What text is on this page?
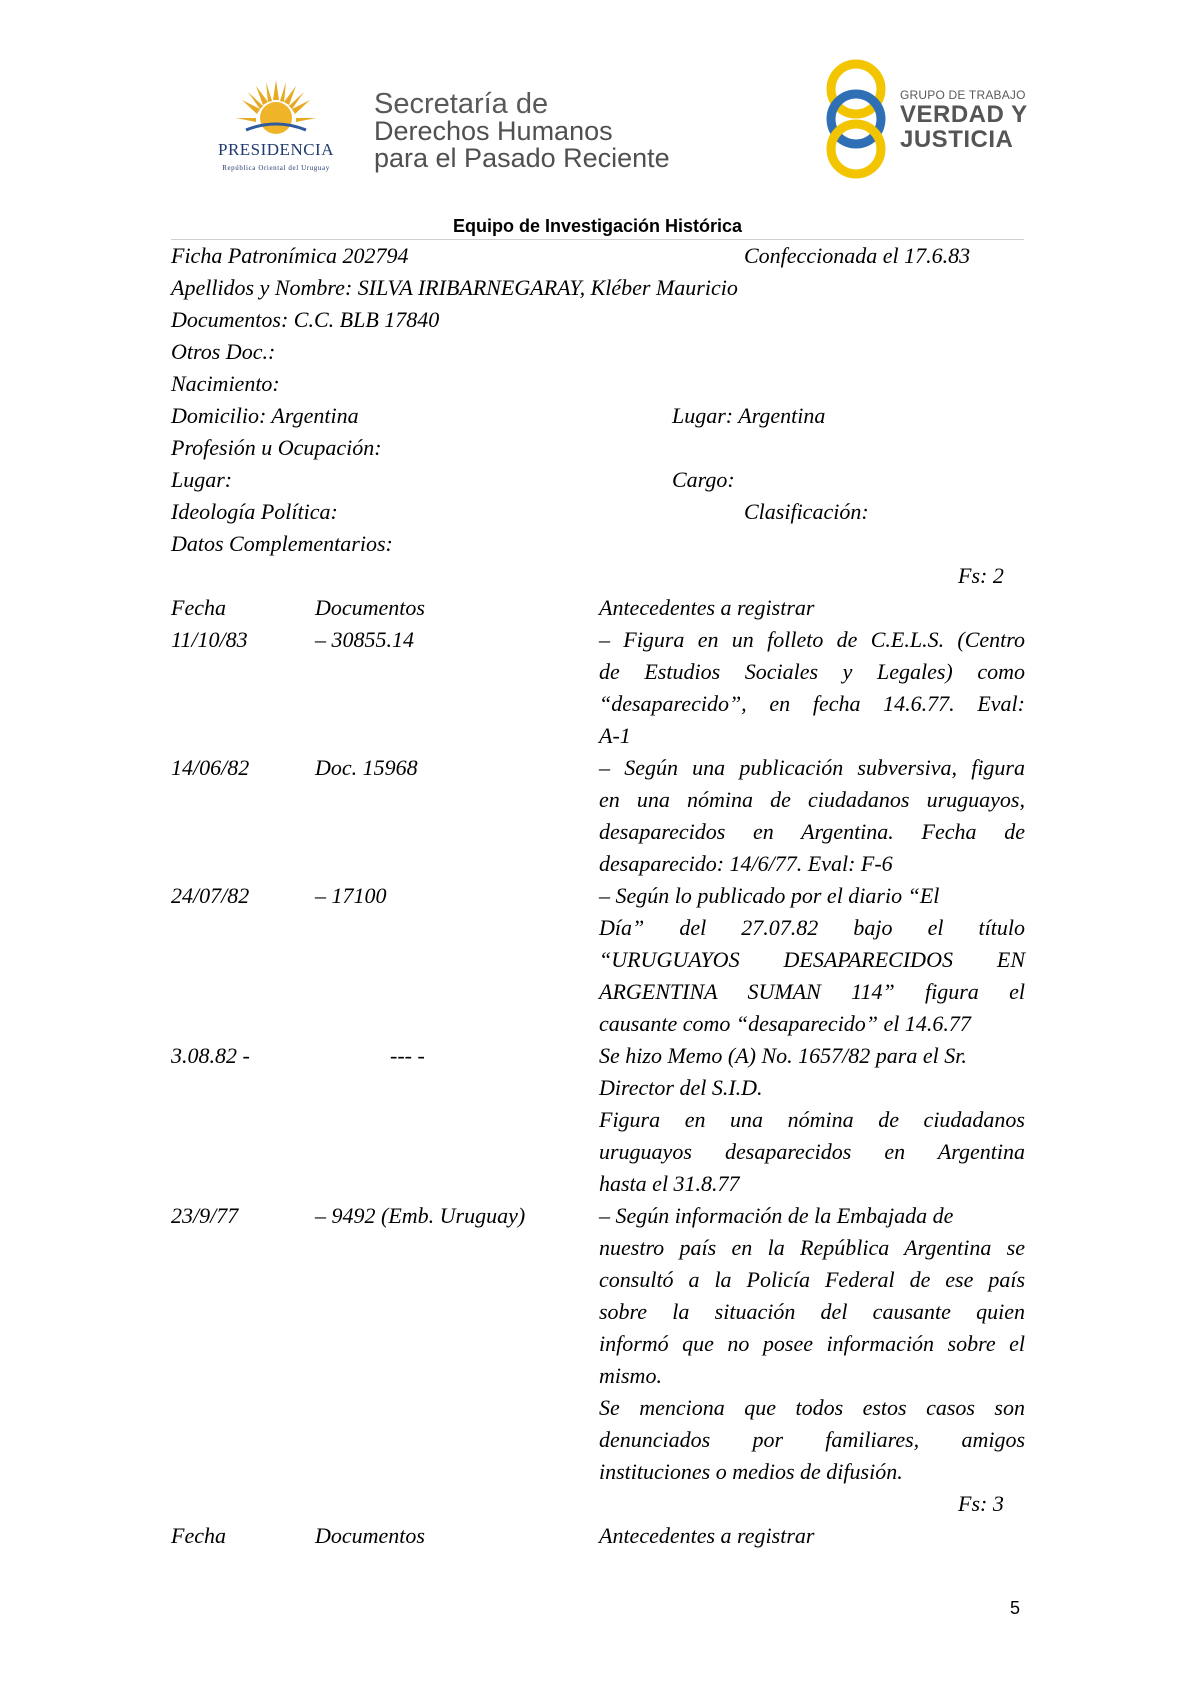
PRESIDENCIA
República Oriental del Uruguay
Secretaría de
Derechos Humanos
para el Pasado Reciente
GRUPO DE TRABAJO
VERDAD Y
JUSTICIA
Equipo de Investigación Histórica
Ficha Patronímica 202794	Confeccionada el 17.6.83
Apellidos y Nombre: SILVA IRIBARNEGARAY, Kléber Mauricio
Documentos: C.C. BLB 17840
Otros Doc.:
Nacimiento:
Domicilio: Argentina	Lugar: Argentina
Profesión u Ocupación:
Lugar:	Cargo:
Ideología Política:	Clasificación:
Datos Complementarios:
Fs: 2
Fecha	Documentos	Antecedentes a registrar
11/10/83	– 30855.14	– Figura en un folleto de C.E.L.S. (Centro

de Estudios Sociales y Legales) como

“desaparecido”, en fecha 14.6.77. Eval:

A-1

14/06/82	Doc. 15968	– Según una publicación subversiva, figura

en una nómina de ciudadanos uruguayos,

desaparecidos en Argentina. Fecha de

desaparecido: 14/6/77. Eval: F-6

24/07/82	– 17100	– Según lo publicado por el diario “El

Día” del 27.07.82 bajo el título

“URUGUAYOS DESAPARECIDOS EN

ARGENTINA SUMAN 114” figura el

causante como “desaparecido” el 14.6.77

3.08.82 -	--- -	Se hizo Memo (A) No. 1657/82 para el Sr.

Director del S.I.D.

Figura en una nómina de ciudadanos

uruguayos desaparecidos en Argentina

hasta el 31.8.77

23/9/77	– 9492 (Emb. Uruguay)	– Según información de la Embajada de

nuestro país en la República Argentina se

consultó a la Policía Federal de ese país

sobre la situación del causante quien

informó que no posee información sobre el

mismo.

Se menciona que todos estos casos son

denunciados por familiares, amigos

instituciones o medios de difusión.

Fs: 3
Fecha	Documentos	Antecedentes a registrar
5
